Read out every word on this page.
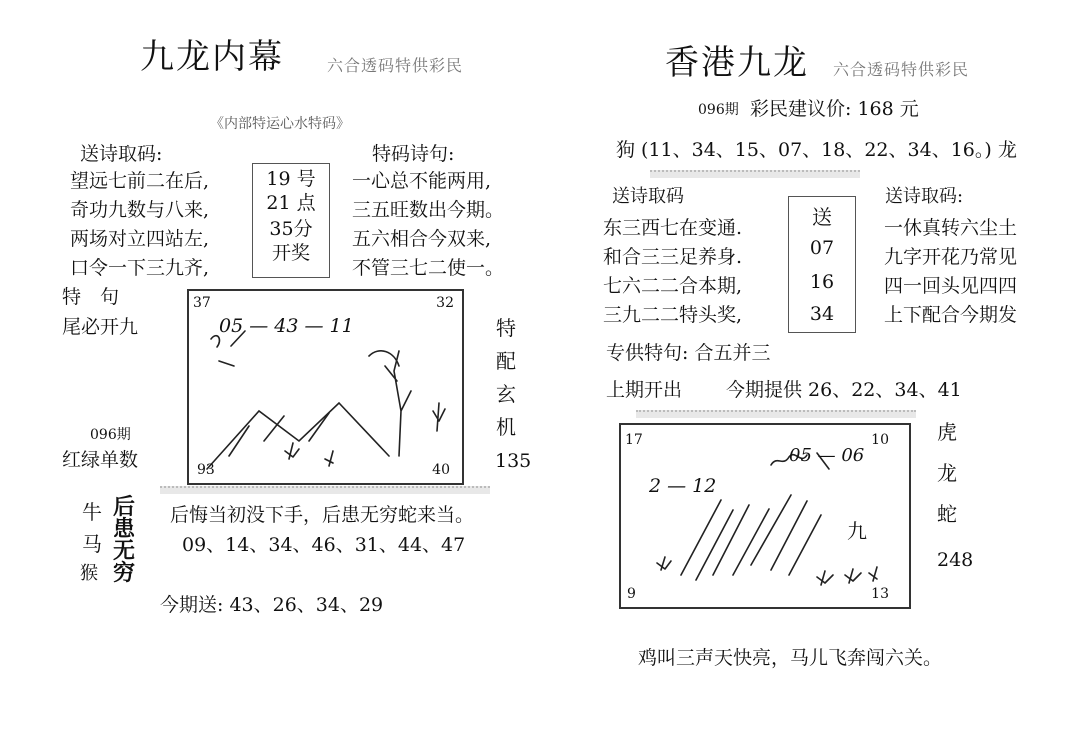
九龙内幕	六合透码特供彩民
《内部特运心水特码》
送诗取码:
望远七前二在后,
奇功九数与八来,
两场对立四站左,
口令一下三九齐,
19 号
21 点
35分
开奖
特码诗句:
一心总不能两用,
三五旺数出今期。
五六相合今双来,
不管三七二使一。
特　句
尾必开九
096期
红绿单数
37	32
93	40
05 — 43 — 11	特
配
玄
机
135
牛
马
猴
后
患
无
穷
后悔当初没下手，后患无穷蛇来当。
09、14、34、46、31、44、47
今期送: 43、26、34、29
香港九龙 六合透码特供彩民
096期 彩民建议价: 168 元
狗 (11、34、15、07、18、22、34、16。) 龙
送诗取码
东三西七在变通.
和合三三足养身.
七六二二合本期,
三九二二特头奖,
送
07
16
34
送诗取码:
一休真转六尘土
九字开花乃常见
四一回头见四四
上下配合今期发
专供特句: 合五并三
上期开出 今期提供 26、22、34、41
17	10
9	13
2 — 12
05 — 06
九
虎
龙
蛇
248
鸡叫三声天快亮，马儿飞奔闯六关。
